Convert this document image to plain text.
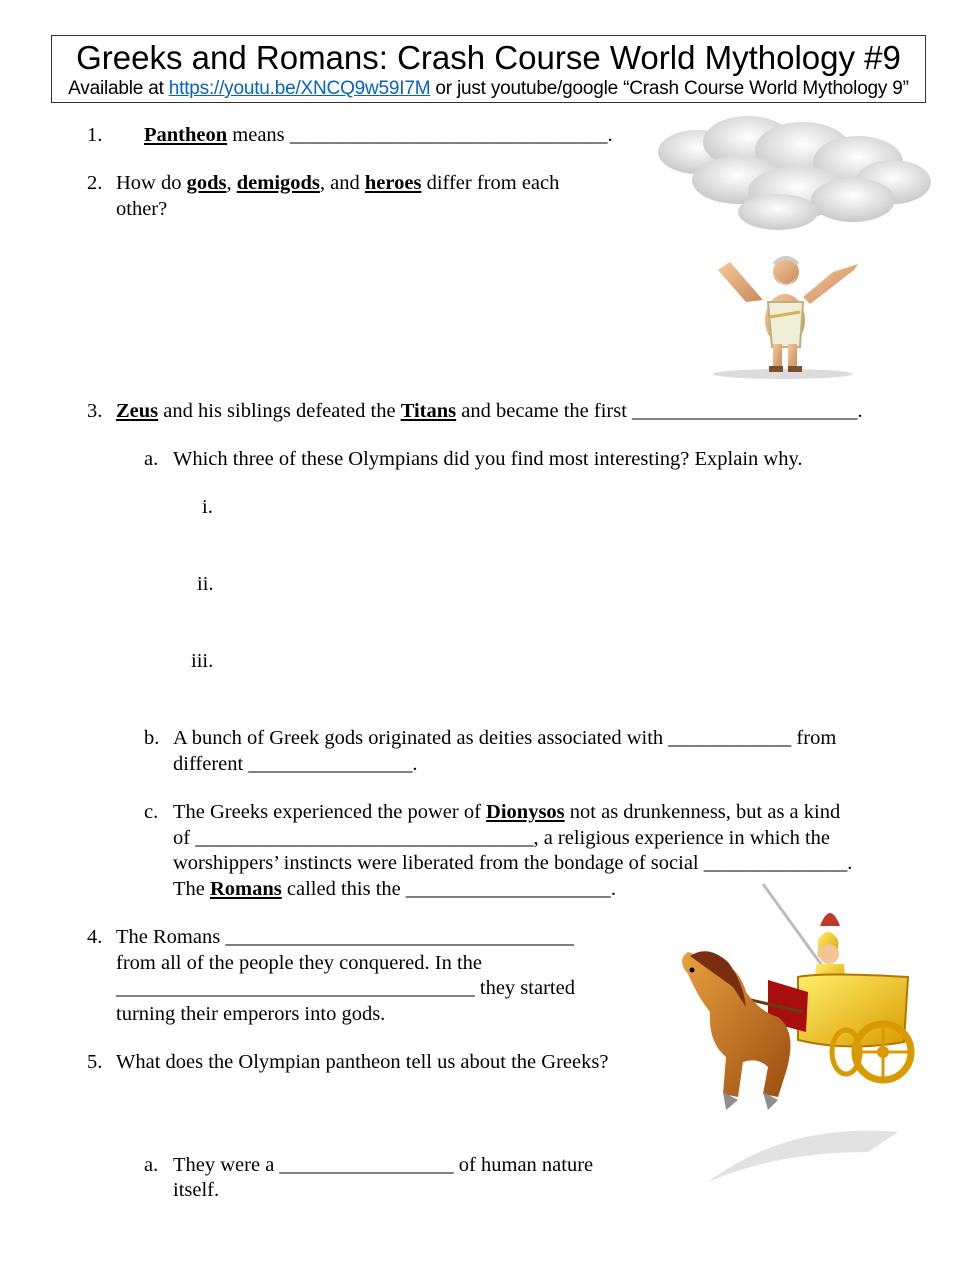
Greeks and Romans: Crash Course World Mythology #9
Available at https://youtu.be/XNCQ9w59I7M or just youtube/google “Crash Course World Mythology 9”
1. Pantheon means _______________________________.
2. How do gods, demigods, and heroes differ from each
other?
3. Zeus and his siblings defeated the Titans and became the first ______________________.
a. Which three of these Olympians did you find most interesting? Explain why.
i.
ii.
iii.
b. A bunch of Greek gods originated as deities associated with ____________ from
different ________________.
c. The Greeks experienced the power of Dionysos not as drunkenness, but as a kind
of _________________________________, a religious experience in which the
worshippers’ instincts were liberated from the bondage of social ______________.
The Romans called this the ____________________.
4. The Romans __________________________________
from all of the people they conquered. In the
___________________________________ they started
turning their emperors into gods.
5. What does the Olympian pantheon tell us about the Greeks?
a. They were a _________________ of human nature
itself.
